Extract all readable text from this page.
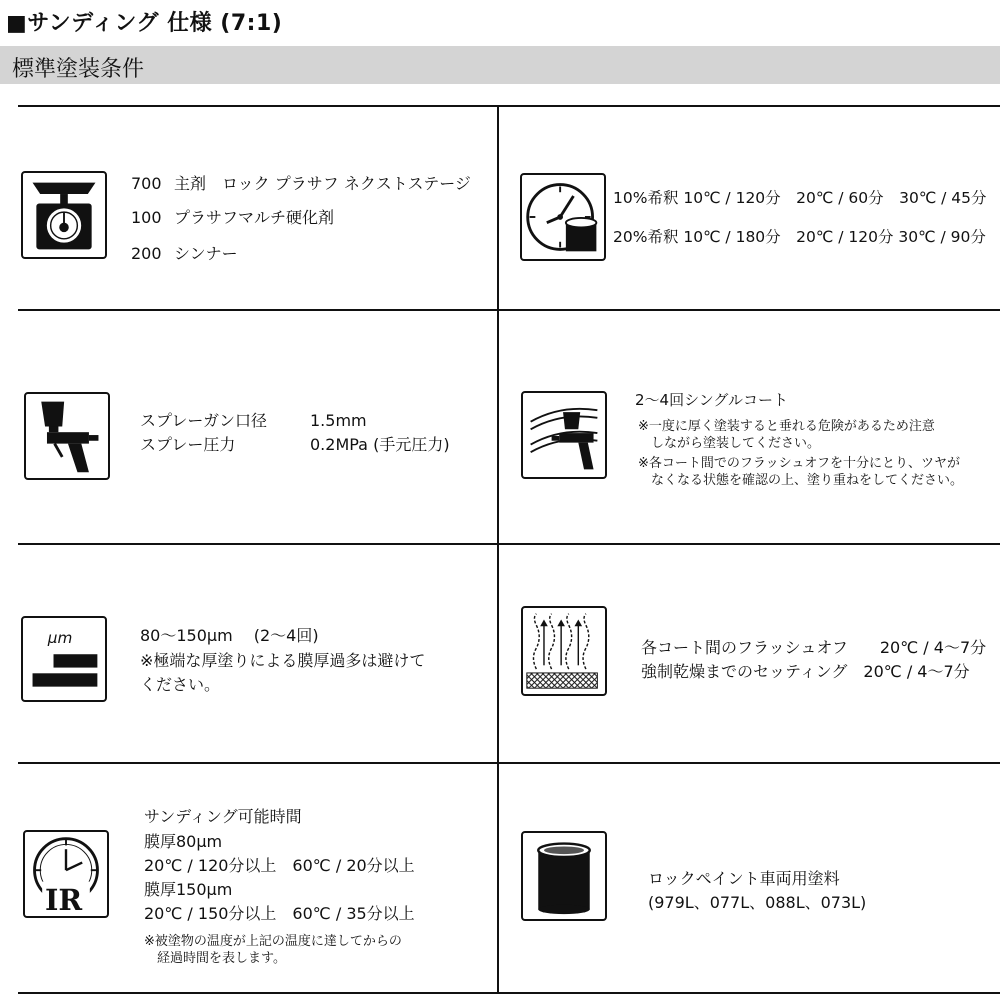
■サンディング 仕様 (7:1)
標準塗装条件
700 主剤　ロック プラサフ ネクストステージ
100 プラサフマルチ硬化剤
200 シンナー
10%希釈 10℃ / 120分　20℃ / 60分　30℃ / 45分
20%希釈 10℃ / 180分　20℃ / 120分 30℃ / 90分
スプレーガン口径	1.5mm
スプレー圧力	0.2MPa (手元圧力)
2～4回シングルコート
※一度に厚く塗装すると垂れる危険があるため注意
　しながら塗装してください。
※各コート間でのフラッシュオフを十分にとり、ツヤが
　なくなる状態を確認の上、塗り重ねをしてください。
μm	80～150μm　 (2～4回)
※極端な厚塗りによる膜厚過多は避けて
ください。
各コート間のフラッシュオフ　　20℃ / 4～7分
強制乾燥までのセッティング　20℃ / 4～7分
IR
サンディング可能時間
膜厚80μm
20℃ / 120分以上　60℃ / 20分以上
膜厚150μm
20℃ / 150分以上　60℃ / 35分以上
※被塗物の温度が上記の温度に達してからの
　経過時間を表します。
ロックペイント車両用塗料
(979L、077L、088L、073L)
